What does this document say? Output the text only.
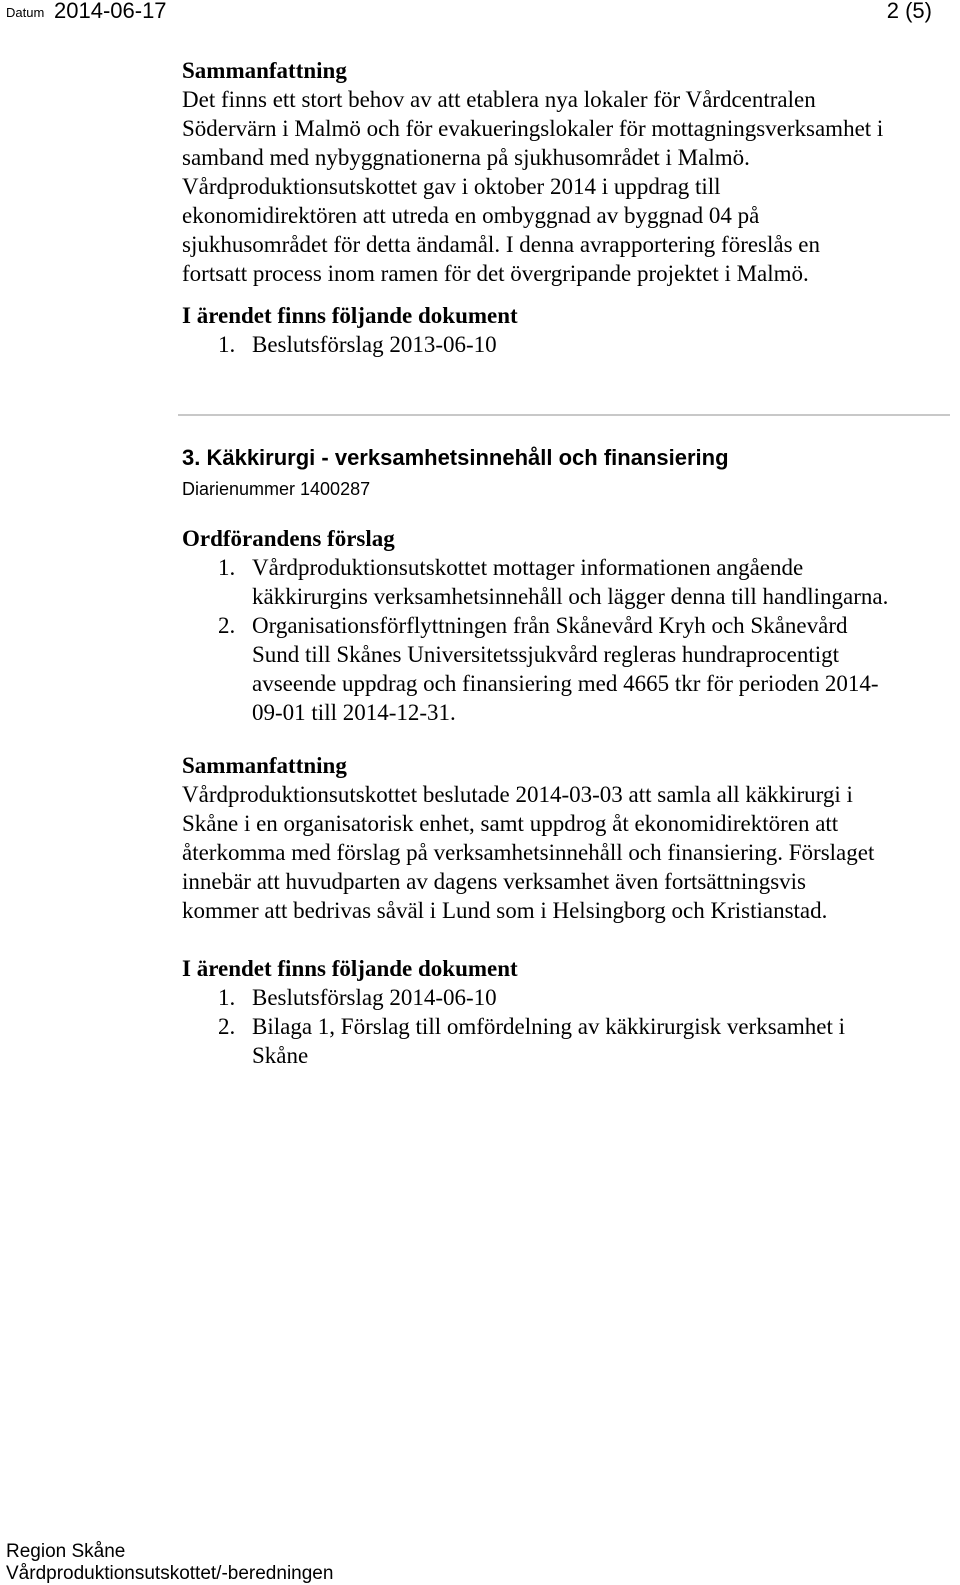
Datum 2014-06-17	2 (5)

Sammanfattning

Det finns ett stort behov av att etablera nya lokaler för Vårdcentralen

Södervärn i Malmö och för evakueringslokaler för mottagningsverksamhet i

samband med nybyggnationerna på sjukhusområdet i Malmö.

Vårdproduktionsutskottet gav i oktober 2014 i uppdrag till

ekonomidirektören att utreda en ombyggnad av byggnad 04 på

sjukhusområdet för detta ändamål. I denna avrapportering föreslås en

fortsatt process inom ramen för det övergripande projektet i Malmö.

I ärendet finns följande dokument

1. Beslutsförslag 2013-06-10
3. Käkkirurgi - verksamhetsinnehåll och finansiering
Diarienummer 1400287

Ordförandens förslag

1. Vårdproduktionsutskottet mottager informationen angående

käkkirurgins verksamhetsinnehåll och lägger denna till handlingarna.

2. Organisationsförflyttningen från Skånevård Kryh och Skånevård

Sund till Skånes Universitetssjukvård regleras hundraprocentigt

avseende uppdrag och finansiering med 4665 tkr för perioden 2014-

09-01 till 2014-12-31.

Sammanfattning

Vårdproduktionsutskottet beslutade 2014-03-03 att samla all käkkirurgi i

Skåne i en organisatorisk enhet, samt uppdrog åt ekonomidirektören att

återkomma med förslag på verksamhetsinnehåll och finansiering. Förslaget

innebär att huvudparten av dagens verksamhet även fortsättningsvis

kommer att bedrivas såväl i Lund som i Helsingborg och Kristianstad.

I ärendet finns följande dokument

1. Beslutsförslag 2014-06-10

2. Bilaga 1, Förslag till omfördelning av käkkirurgisk verksamhet i

Skåne

Region Skåne

Vårdproduktionsutskottet/-beredningen
